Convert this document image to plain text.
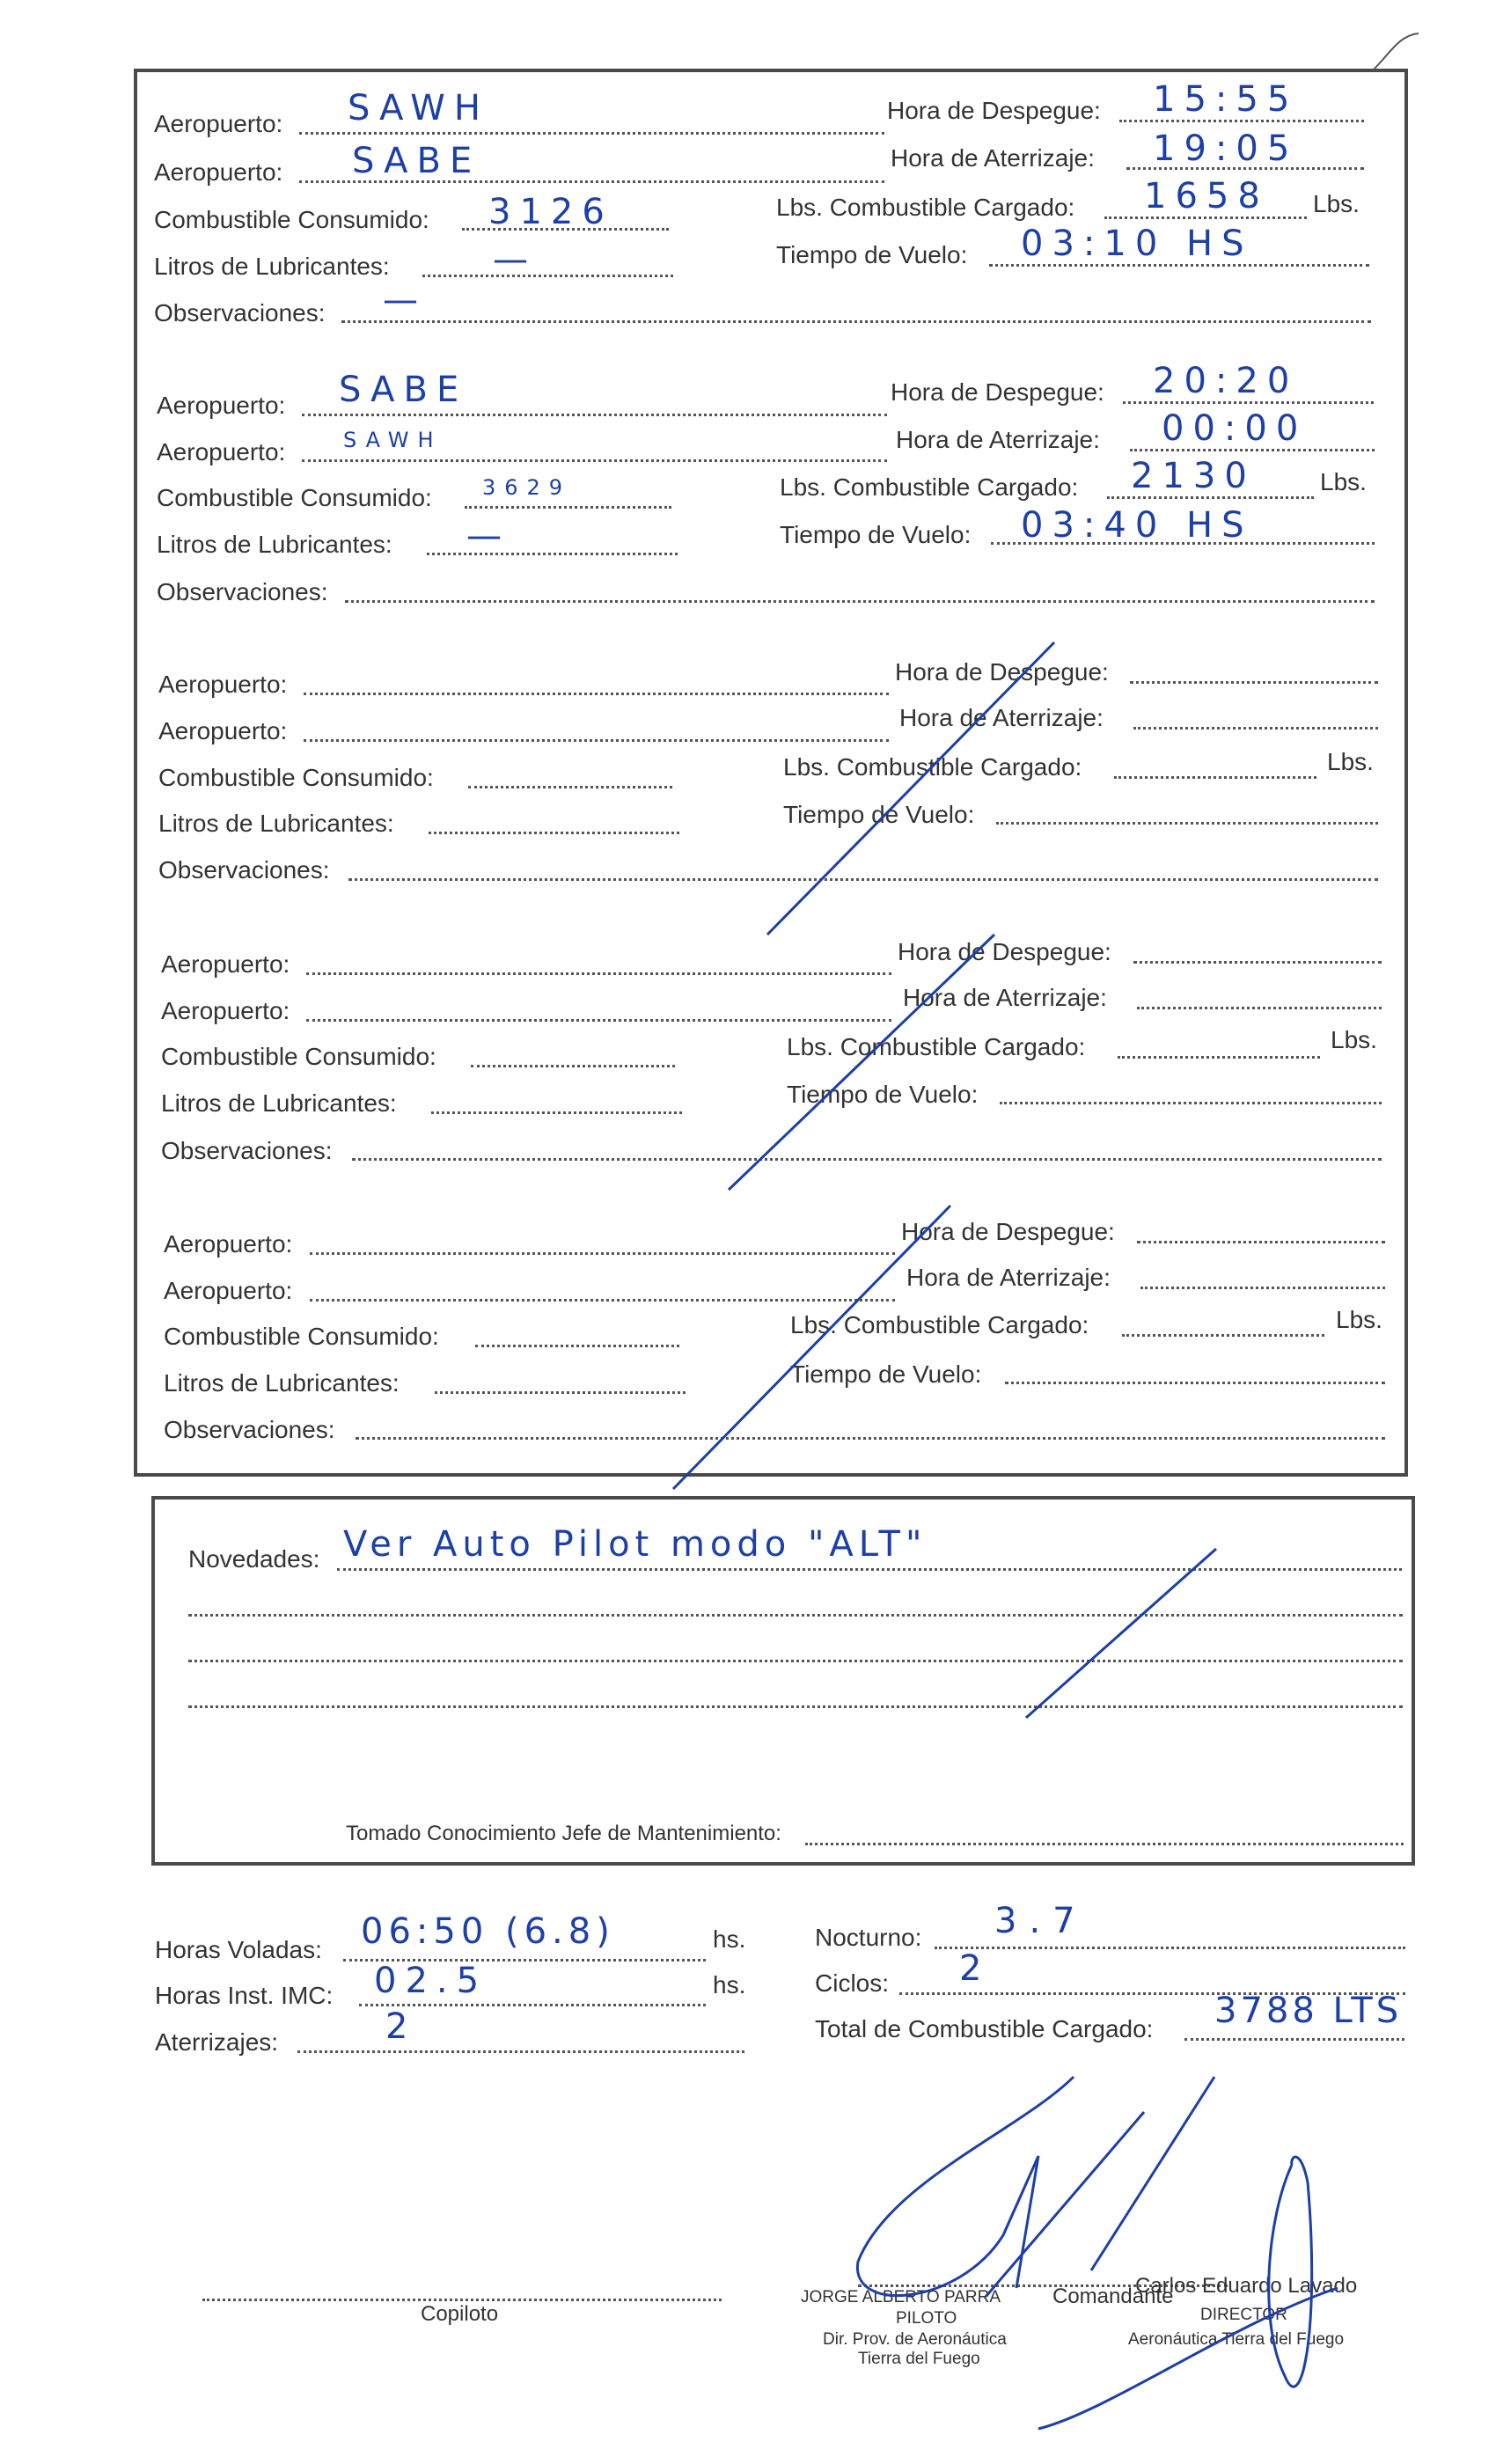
Aeropuerto: SAWH	Hora de Despegue: 15:55
Aeropuerto: SABE	Hora de Aterrizaje: 19:05
Combustible Consumido: 3126	Lbs. Combustible Cargado: 1658 Lbs.
Litros de Lubricantes:	—	Tiempo de Vuelo: 03:10 HS
Observaciones: —
Aeropuerto: SABE	Hora de Despegue: 20:20
Aeropuerto:	SAWH	Hora de Aterrizaje: 00:00
Combustible Consumido: 3629	Lbs. Combustible Cargado: 2130	Lbs.
Litros de Lubricantes: —	Tiempo de Vuelo: 03:40 HS
Observaciones:
Aeropuerto:	Hora de Despegue:
Aeropuerto:	Hora de Aterrizaje:
Combustible Consumido:	Lbs. Combustible Cargado:	Lbs.
Litros de Lubricantes:	Tiempo de Vuelo:
Observaciones:
Aeropuerto:	Hora de Despegue:
Aeropuerto:	Hora de Aterrizaje:
Combustible Consumido:	Lbs. Combustible Cargado:	Lbs.
Litros de Lubricantes:	Tiempo de Vuelo:
Observaciones:
Aeropuerto:	Hora de Despegue:
Aeropuerto:	Hora de Aterrizaje:
Combustible Consumido:	Lbs. Combustible Cargado:	Lbs.
Litros de Lubricantes:	Tiempo de Vuelo:
Observaciones:
Novedades: Ver Auto Pilot modo "ALT"
Tomado Conocimiento Jefe de Mantenimiento:
Horas Voladas: 06:50 (6.8)	hs.
Horas Inst. IMC: 02.5	hs.
Aterrizajes:	2
Nocturno: 3.7
Ciclos: 2
Total de Combustible Cargado: 3788 LTS
Copiloto
JORGE ALBERTO PARRA Comandante
PILOTO
Dir. Prov. de Aeronáutica
Tierra del Fuego
Carlos Eduardo Lavado
DIRECTOR
Aeronáutica Tierra del Fuego
